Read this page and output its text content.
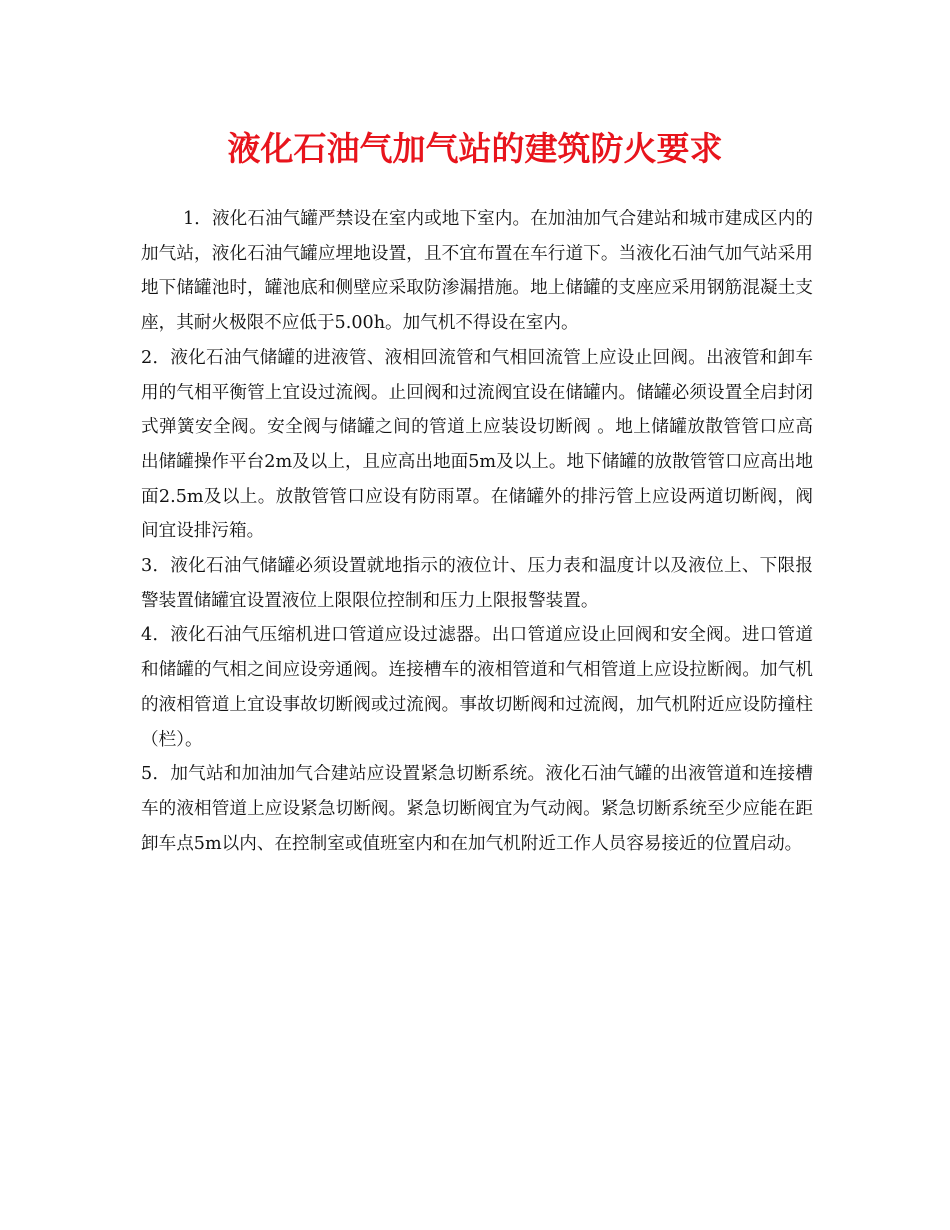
液化石油气加气站的建筑防火要求

1．液化石油气罐严禁设在室内或地下室内。在加油加气合建站和城市建成区内的加气站，液化石油气罐应埋地设置，且不宜布置在车行道下。当液化石油气加气站采用地下储罐池时，罐池底和侧壁应采取防渗漏措施。地上储罐的支座应采用钢筋混凝土支座，其耐火极限不应低于5.00h。加气机不得设在室内。

2．液化石油气储罐的进液管、液相回流管和气相回流管上应设止回阀。出液管和卸车用的气相平衡管上宜设过流阀。止回阀和过流阀宜设在储罐内。储罐必须设置全启封闭式弹簧安全阀。安全阀与储罐之间的管道上应装设切断阀 。地上储罐放散管管口应高出储罐操作平台2m及以上，且应高出地面5m及以上。地下储罐的放散管管口应高出地面2.5m及以上。放散管管口应设有防雨罩。在储罐外的排污管上应设两道切断阀，阀间宜设排污箱。

3．液化石油气储罐必须设置就地指示的液位计、压力表和温度计以及液位上、下限报警装置储罐宜设置液位上限限位控制和压力上限报警装置。

4．液化石油气压缩机进口管道应设过滤器。出口管道应设止回阀和安全阀。进口管道和储罐的气相之间应设旁通阀。连接槽车的液相管道和气相管道上应设拉断阀。加气机的液相管道上宜设事故切断阀或过流阀。事故切断阀和过流阀，加气机附近应设防撞柱（栏）。

5．加气站和加油加气合建站应设置紧急切断系统。液化石油气罐的出液管道和连接槽车的液相管道上应设紧急切断阀。紧急切断阀宜为气动阀。紧急切断系统至少应能在距卸车点5m以内、在控制室或值班室内和在加气机附近工作人员容易接近的位置启动。
